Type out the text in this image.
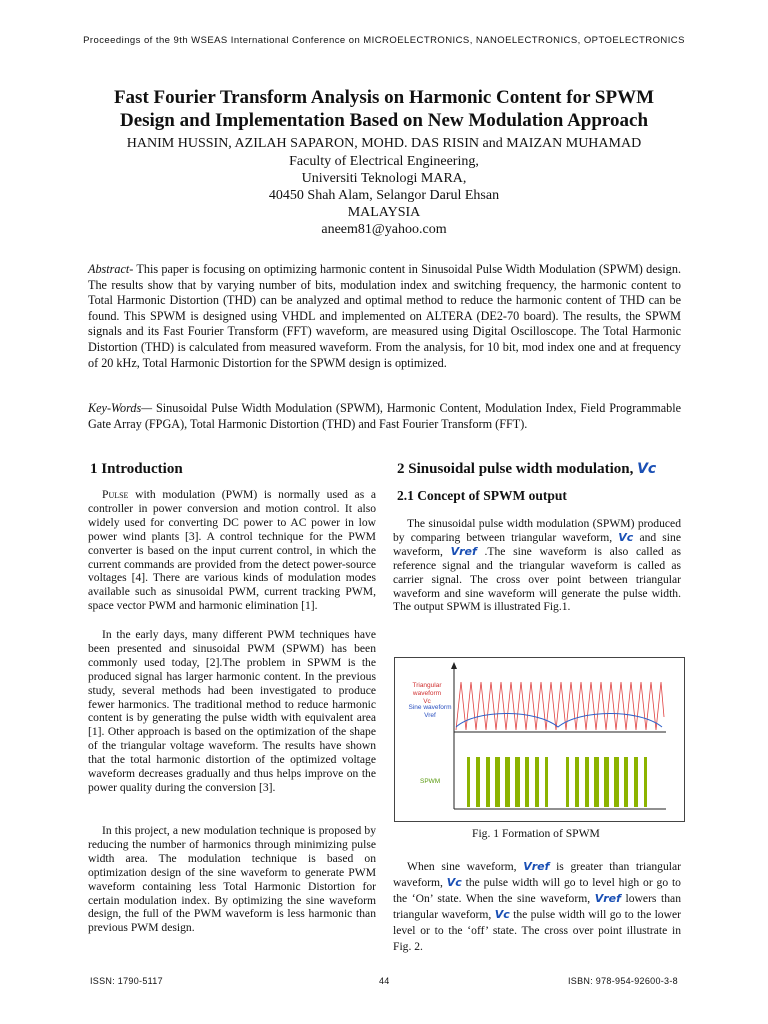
Proceedings of the 9th WSEAS International Conference on MICROELECTRONICS, NANOELECTRONICS, OPTOELECTRONICS
Fast Fourier Transform Analysis on Harmonic Content for SPWM
Design and Implementation Based on New Modulation Approach
HANIM HUSSIN, AZILAH SAPARON, MOHD. DAS RISIN and MAIZAN MUHAMAD
Faculty of Electrical Engineering,
Universiti Teknologi MARA,
40450 Shah Alam, Selangor Darul Ehsan
MALAYSIA
aneem81@yahoo.com
Abstract- This paper is focusing on optimizing harmonic content in Sinusoidal Pulse Width Modulation (SPWM) design. The results show that by varying number of bits, modulation index and switching frequency, the harmonic content to Total Harmonic Distortion (THD) can be analyzed and optimal method to reduce the harmonic content of THD can be found. This SPWM is designed using VHDL and implemented on ALTERA (DE2-70 board). The results, the SPWM signals and its Fast Fourier Transform (FFT) waveform, are measured using Digital Oscilloscope. The Total Harmonic Distortion (THD) is calculated from measured waveform. From the analysis, for 10 bit, mod index one and at frequency of 20 kHz, Total Harmonic Distortion for the SPWM design is optimized.
Key-Words— Sinusoidal Pulse Width Modulation (SPWM), Harmonic Content, Modulation Index, Field Programmable Gate Array (FPGA), Total Harmonic Distortion (THD) and Fast Fourier Transform (FFT).
1 Introduction
Pulse with modulation (PWM) is normally used as a controller in power conversion and motion control. It also widely used for converting DC power to AC power in low power wind plants [3]. A control technique for the PWM converter is based on the input current control, in which the current commands are provided from the detect power-source voltages [4]. There are various kinds of modulation modes available such as sinusoidal PWM, current tracking PWM, space vector PWM and harmonic elimination [1].
In the early days, many different PWM techniques have been presented and sinusoidal PWM (SPWM) has been commonly used today, [2].The problem in SPWM is the produced signal has larger harmonic content. In the previous study, several methods had been investigated to produce fewer harmonics. The traditional method to reduce harmonic content is by generating the pulse width with equivalent area [1]. Other approach is based on the optimization of the shape of the triangular voltage waveform. The results have shown that the total harmonic distortion of the optimized voltage waveform decreases gradually and thus helps improve on the power quality during the conversion [3].
In this project, a new modulation technique is proposed by reducing the number of harmonics through minimizing pulse width area. The modulation technique is based on optimization design of the sine waveform to generate PWM waveform containing less Total Harmonic Distortion for certain modulation index. By optimizing the sine waveform design, the full of the PWM waveform is less harmonic than previous PWM design.
2 Sinusoidal pulse width modulation, Vc
2.1 Concept of SPWM output
The sinusoidal pulse width modulation (SPWM) produced by comparing between triangular waveform, Vc and sine waveform, Vref .The sine waveform is also called as reference signal and the triangular waveform is called as carrier signal. The cross over point between triangular waveform and sine waveform will generate the pulse width. The output SPWM is illustrated Fig.1.
Triangular waveform
Vc
Sine waveform
Vref
SPWM
Fig. 1 Formation of SPWM
When sine waveform, Vref is greater than triangular waveform, Vc the pulse width will go to level high or go to the ‘On’ state. When the sine waveform, Vref lowers than triangular waveform, Vc the pulse width will go to the lower level or to the ‘off’ state. The cross over point illustrate in Fig. 2.
ISSN: 1790-5117	44	ISBN: 978-954-92600-3-8
